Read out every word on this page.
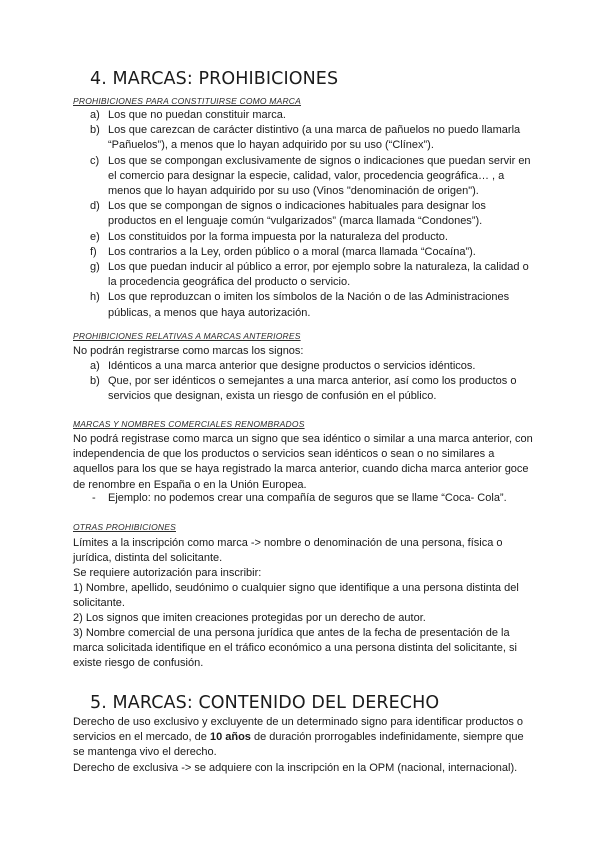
4. MARCAS: PROHIBICIONES
PROHIBICIONES PARA CONSTITUIRSE COMO MARCA
a) Los que no puedan constituir marca.
b) Los que carezcan de carácter distintivo (a una marca de pañuelos no puedo llamarla “Pañuelos”), a menos que lo hayan adquirido por su uso (“Clínex”).
c) Los que se compongan exclusivamente de signos o indicaciones que puedan servir en el comercio para designar la especie, calidad, valor, procedencia geográfica… , a menos que lo hayan adquirido por su uso (Vinos "denominación de origen").
d) Los que se compongan de signos o indicaciones habituales para designar los productos en el lenguaje común “vulgarizados” (marca llamada “Condones”).
e) Los constituidos por la forma impuesta por la naturaleza del producto.
f)	Los contrarios a la Ley, orden público o a moral (marca llamada “Cocaína”).
g) Los que puedan inducir al público a error, por ejemplo sobre la naturaleza, la calidad o la procedencia geográfica del producto o servicio.
h) Los que reproduzcan o imiten los símbolos de la Nación o de las Administraciones públicas, a menos que haya autorización.
PROHIBICIONES RELATIVAS A MARCAS ANTERIORES

No podrán registrarse como marcas los signos:

a) Idénticos a una marca anterior que designe productos o servicios idénticos.
b) Que, por ser idénticos o semejantes a una marca anterior, así como los productos o servicios que designan, exista un riesgo de confusión en el público.
MARCAS Y NOMBRES COMERCIALES RENOMBRADOS

No podrá registrase como marca un signo que sea idéntico o similar a una marca anterior, con independencia de que los productos o servicios sean idénticos o sean o no similares a aquellos para los que se haya registrado la marca anterior, cuando dicha marca anterior goce de renombre en España o en la Unión Europea.

- Ejemplo: no podemos crear una compañía de seguros que se llame “Coca- Cola”.
OTRAS PROHIBICIONES

Límites a la inscripción como marca -> nombre o denominación de una persona, física o jurídica, distinta del solicitante.

Se requiere autorización para inscribir:

1) Nombre, apellido, seudónimo o cualquier signo que identifique a una persona distinta del solicitante.

2) Los signos que imiten creaciones protegidas por un derecho de autor.

3) Nombre comercial de una persona jurídica que antes de la fecha de presentación de la marca solicitada identifique en el tráfico económico a una persona distinta del solicitante, si existe riesgo de confusión.

5. MARCAS: CONTENIDO DEL DERECHO

Derecho de uso exclusivo y excluyente de un determinado signo para identificar productos o servicios en el mercado, de 10 años de duración prorrogables indefinidamente, siempre que se mantenga vivo el derecho.

Derecho de exclusiva -> se adquiere con la inscripción en la OPM (nacional, internacional).
